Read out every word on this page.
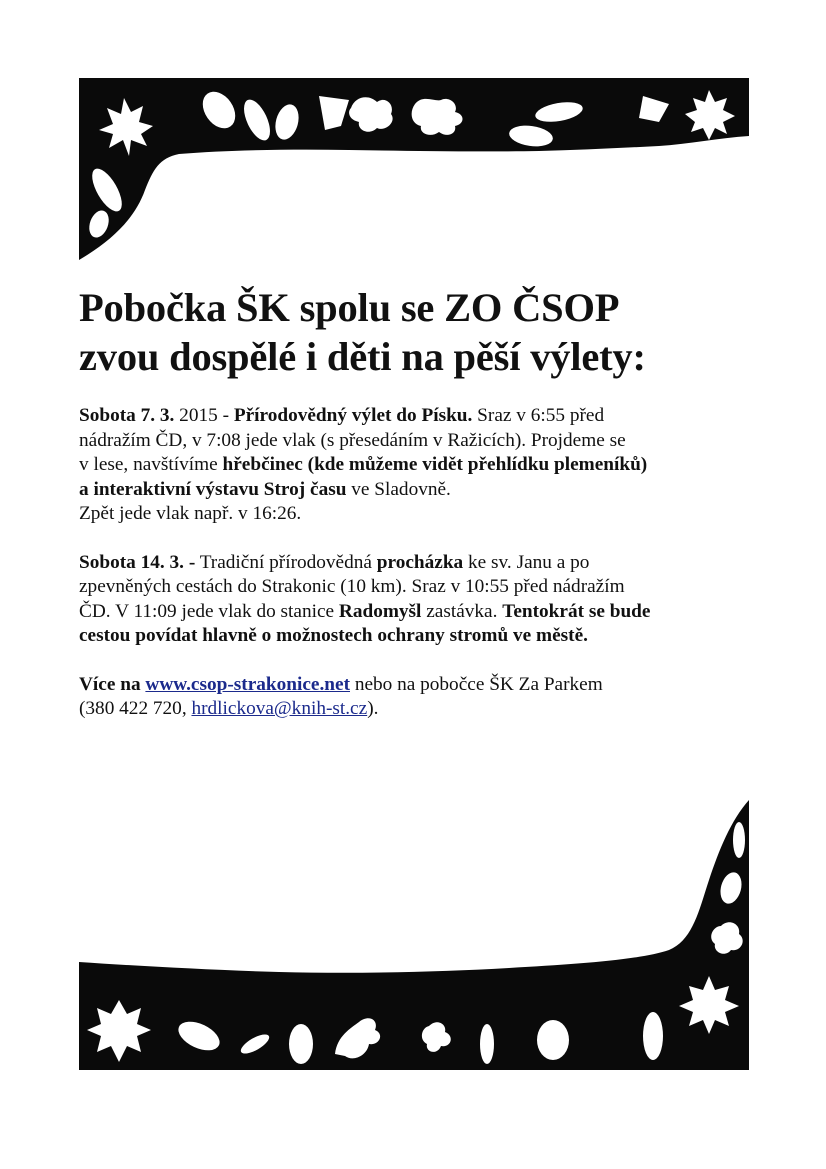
Pobočka ŠK spolu se ZO ČSOP
zvou dospělé i děti na pěší výlety:

Sobota 7. 3. 2015 - Přírodovědný výlet do Písku. Sraz v 6:55 před
nádražím ČD, v 7:08 jede vlak (s přesedáním v Ražicích). Projdeme se
v lese, navštívíme hřebčinec (kde můžeme vidět přehlídku plemeníků)
a interaktivní výstavu Stroj času ve Sladovně.
Zpět jede vlak např. v 16:26.

Sobota 14. 3. - Tradiční přírodovědná procházka ke sv. Janu a po
zpevněných cestách do Strakonic (10 km). Sraz v 10:55 před nádražím
ČD. V 11:09 jede vlak do stanice Radomyšl zastávka. Tentokrát se bude
cestou povídat hlavně o možnostech ochrany stromů ve městě.

Více na www.csop-strakonice.net nebo na pobočce ŠK Za Parkem
(380 422 720, hrdlickova@knih-st.cz).
